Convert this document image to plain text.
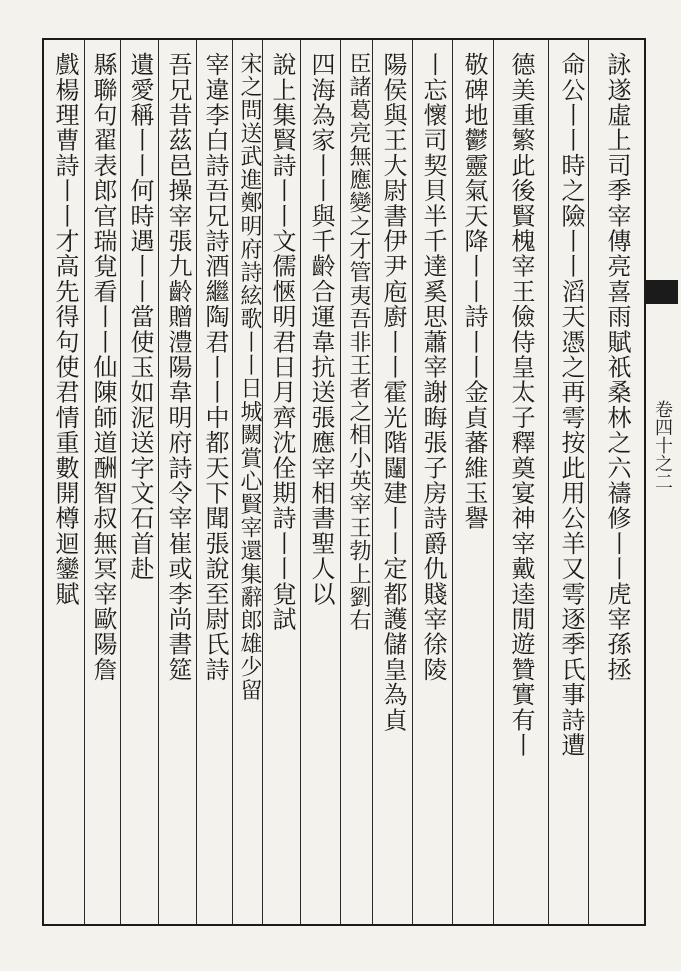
卷四十之二
詠遂虛上司季宰傳亮喜雨賦祇桑林之六禱修丨丨虎宰孫拯
命公丨丨時之險丨丨滔天憑之再雩按此用公羊又雩逐季氏事詩遭
德美重繁此後賢槐宰王儉侍皇太子釋奠宴神宰戴逵閒遊贊實有丨
敬碑地鬱靈氣天降丨丨詩丨丨金貞蕃維玉譽
丨忘懷司契貝半千達奚思蕭宰謝晦張子房詩爵仇賤宰徐陵
陽侯與王大尉書伊尹庖廚丨丨霍光階闥建丨丨定都護儲皇為貞
臣諸葛亮無應變之才管夷吾非王者之相小英宰王勃上劉右
四海為家丨丨與千齡合運韋抗送張應宰相書聖人以
說上集賢詩丨丨文儒愜明君日月齊沈佺期詩丨丨覍試
宋之問送武進鄭明府詩絃歌丨丨日城闕賞心賢宰還集辭郎雄少留
宰違李白詩吾兄詩酒繼陶君丨丨中都天下聞張說至尉氏詩
吾兄昔茲邑操宰張九齡贈澧陽韋明府詩令宰崔或李尚書筵
遺愛稱丨丨何時遇丨丨當使玉如泥送字文石首赴
縣聯句翟表郎官瑞覍看丨丨仙陳師道酬智叔無冥宰歐陽詹
戲楊理曹詩丨丨才高先得句使君情重數開樽迴鑾賦
